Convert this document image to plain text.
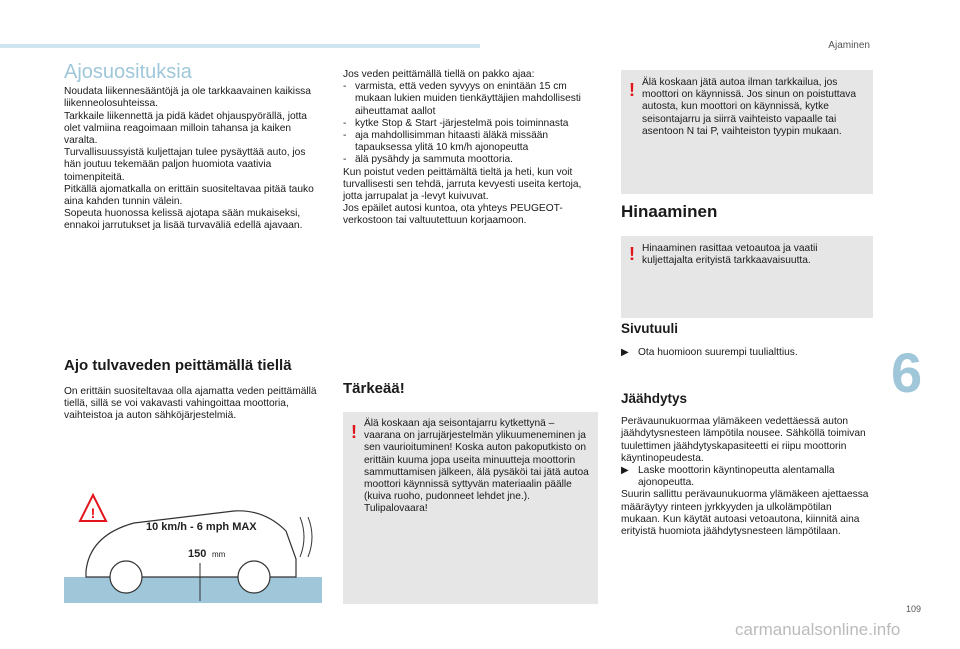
Ajaminen
Ajosuosituksia

Noudata liikennesääntöjä ja ole tarkkaavainen kaikissa liikenneolosuhteissa.

Tarkkaile liikennettä ja pidä kädet ohjauspyörällä, jotta olet valmiina reagoimaan milloin tahansa ja kaiken varalta.

Turvallisuussyistä kuljettajan tulee pysäyttää auto, jos hän joutuu tekemään paljon huomiota vaativia toimenpiteitä.

Pitkällä ajomatkalla on erittäin suositeltavaa pitää tauko aina kahden tunnin välein.

Sopeuta huonossa kelissä ajotapa sään mukaiseksi, ennakoi jarrutukset ja lisää turvaväliä edellä ajavaan.

Ajo tulvaveden peittämällä tiellä

On erittäin suositeltavaa olla ajamatta veden peittämällä tiellä, sillä se voi vakavasti vahingoittaa moottoria, vaihteistoa ja auton sähköjärjestelmiä.

!
10 km/h - 6 mph MAX
150 mm

Jos veden peittämällä tiellä on pakko ajaa:

- varmista, että veden syvyys on enintään 15 cm mukaan lukien muiden tienkäyttäjien mahdollisesti aiheuttamat aallot
- kytke Stop & Start -järjestelmä pois toiminnasta
- aja mahdollisimman hitaasti äläkä missään tapauksessa ylitä 10 km/h ajonopeutta
- älä pysähdy ja sammuta moottoria.

Kun poistut veden peittämältä tieltä ja heti, kun voit turvallisesti sen tehdä, jarruta kevyesti useita kertoja, jotta jarrupalat ja -levyt kuivuvat.

Jos epäilet autosi kuntoa, ota yhteys PEUGEOT-verkostoon tai valtuutettuun korjaamoon.

Tärkeää!
! Älä koskaan aja seisontajarru kytkettynä – vaarana on jarrujärjestelmän ylikuumeneminen ja sen vaurioituminen! Koska auton pakoputkisto on erittäin kuuma jopa useita minuutteja moottorin sammuttamisen jälkeen, älä pysäköi tai jätä autoa moottori käynnissä syttyvän materiaalin päälle (kuiva ruoho, pudonneet lehdet jne.). Tulipalovaara!
! Älä koskaan jätä autoa ilman tarkkailua, jos moottori on käynnissä. Jos sinun on poistuttava autosta, kun moottori on käynnissä, kytke seisontajarru ja siirrä vaihteisto vapaalle tai asentoon N tai P, vaihteiston tyypin mukaan.
Hinaaminen
! Hinaaminen rasittaa vetoautoa ja vaatii kuljettajalta erityistä tarkkaavaisuutta.
Sivutuuli
▶ Ota huomioon suurempi tuulialttius.
Jäähdytys

Perävaunukuormaa ylämäkeen vedettäessä auton jäähdytysnesteen lämpötila nousee. Sähköllä toimivan tuulettimen jäähdytyskapasiteetti ei riipu moottorin käyntinopeudesta.

▶ Laske moottorin käyntinopeutta alentamalla ajonopeutta.

Suurin sallittu perävaunukuorma ylämäkeen ajettaessa määräytyy rinteen jyrkkyyden ja ulkolämpötilan mukaan. Kun käytät autoasi vetoautona, kiinnitä aina erityistä huomiota jäähdytysnesteen lämpötilaan.

6
109
carmanualsonline.info
